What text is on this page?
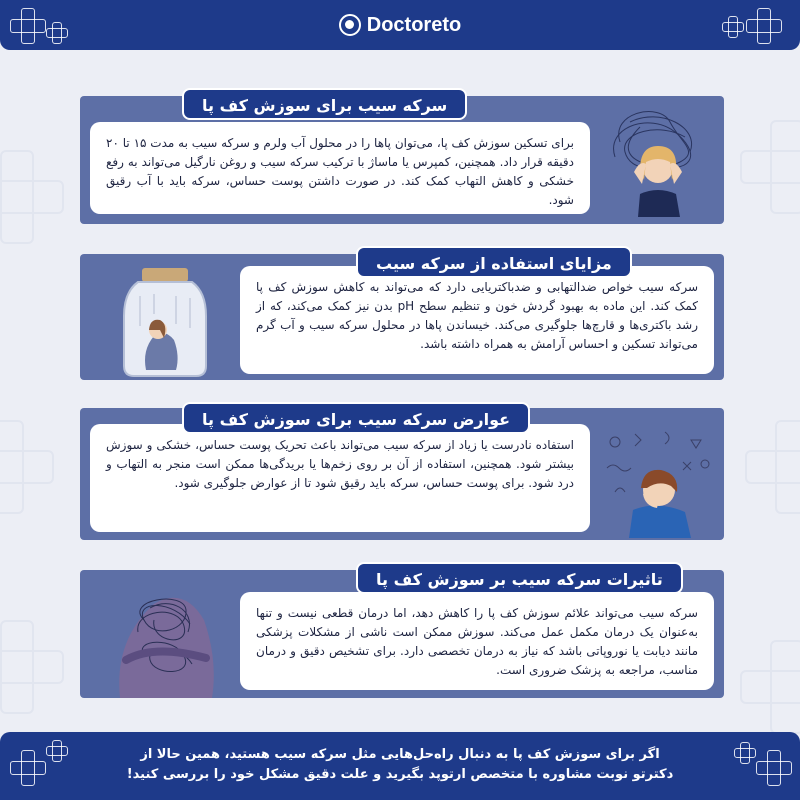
Doctoreto
برای تسکین سوزش کف پا، می‌توان پاها را در محلول آب ولرم و سرکه سیب به مدت ۱۵ تا ۲۰ دقیقه قرار داد. همچنین، کمپرس یا ماساژ با ترکیب سرکه سیب و روغن نارگیل می‌تواند به رفع خشکی و کاهش التهاب کمک کند. در صورت داشتن پوست حساس، سرکه باید با آب رقیق شود.
سرکه سیب برای سوزش کف پا
سرکه سیب خواص ضدالتهابی و ضدباکتریایی دارد که می‌تواند به کاهش سوزش کف پا کمک کند. این ماده به بهبود گردش خون و تنظیم سطح pH بدن نیز کمک می‌کند، که از رشد باکتری‌ها و قارچ‌ها جلوگیری می‌کند. خیساندن پاها در محلول سرکه سیب و آب گرم می‌تواند تسکین و احساس آرامش به همراه داشته باشد.
مزایای استفاده از سرکه سیب
استفاده نادرست یا زیاد از سرکه سیب می‌تواند باعث تحریک پوست حساس، خشکی و سوزش بیشتر شود. همچنین، استفاده از آن بر روی زخم‌ها یا بریدگی‌ها ممکن است منجر به التهاب و درد شود. برای پوست حساس، سرکه باید رقیق شود تا از عوارض جلوگیری شود.
عوارض سرکه سیب برای سوزش کف پا
سرکه سیب می‌تواند علائم سوزش کف پا را کاهش دهد، اما درمان قطعی نیست و تنها به‌عنوان یک درمان مکمل عمل می‌کند. سوزش ممکن است ناشی از مشکلات پزشکی مانند دیابت یا نوروپاتی باشد که نیاز به درمان تخصصی دارد. برای تشخیص دقیق و درمان مناسب، مراجعه به پزشک ضروری است.
تاثیرات سرکه سیب بر سوزش کف پا
اگر برای سوزش کف پا به دنبال راه‌حل‌هایی مثل سرکه سیب هستید، همین حالا از
دکترتو نوبت مشاوره با متخصص ارتوپد بگیرید و علت دقیق مشکل خود را بررسی کنید!
